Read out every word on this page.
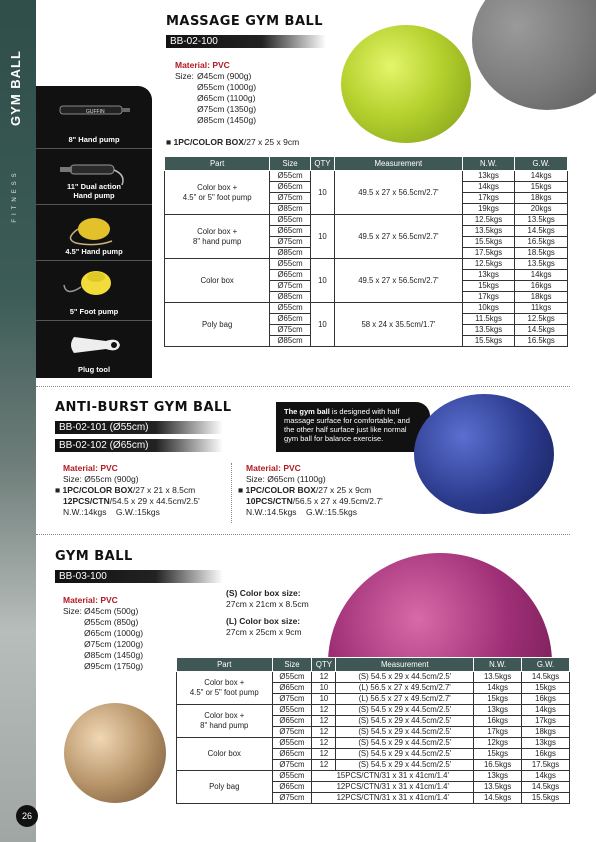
GYM BALL
FITNESS
GUFFIN
8" Hand pump
11" Dual action
Hand pump
4.5" Hand pump
5" Foot pump
Plug tool
MASSAGE GYM BALL
BB-02-100
Material: PVC
Size: Ø45cm (900g)
Ø55cm (1000g)
Ø65cm (1100g)
Ø75cm (1350g)
Ø85cm (1450g)
■ 1PC/COLOR BOX/27 x 25 x 9cm
Part	Size	QTY	Measurement	N.W.	G.W.
Color box +
4.5" or 5" foot pump	Ø55cm	10	49.5 x 27 x 56.5cm/2.7'	13kgs	14kgs
	Ø65cm			14kgs	15kgs
	Ø75cm			17kgs	18kgs
	Ø85cm			19kgs	20kgs
Color box +
8" hand pump	Ø55cm	10	49.5 x 27 x 56.5cm/2.7'	12.5kgs	13.5kgs
	Ø65cm			13.5kgs	14.5kgs
	Ø75cm			15.5kgs	16.5kgs
	Ø85cm			17.5kgs	18.5kgs
Color box	Ø55cm	10	49.5 x 27 x 56.5cm/2.7'	12.5kgs	13.5kgs
	Ø65cm			13kgs	14kgs
	Ø75cm			15kgs	16kgs
	Ø85cm			17kgs	18kgs
Poly bag	Ø55cm	10	58 x 24 x 35.5cm/1.7'	10kgs	11kgs
	Ø65cm			11.5kgs	12.5kgs
	Ø75cm			13.5kgs	14.5kgs
	Ø85cm			15.5kgs	16.5kgs
ANTI-BURST GYM BALL
BB-02-101 (Ø55cm)
BB-02-102 (Ø65cm)
The gym ball is designed with half massage surface for comfortable, and the other half surface just like normal gym ball for balance exercise.
Material: PVC
Size: Ø55cm (900g)
■ 1PC/COLOR BOX/27 x 21 x 8.5cm
12PCS/CTN/54.5 x 29 x 44.5cm/2.5'
N.W.:14kgs    G.W.:15kgs
Material: PVC
Size: Ø65cm (1100g)
■ 1PC/COLOR BOX/27 x 25 x 9cm
10PCS/CTN/56.5 x 27 x 49.5cm/2.7'
N.W.:14.5kgs    G.W.:15.5kgs
GYM BALL
BB-03-100
Material: PVC
Size: Ø45cm (500g)
Ø55cm (850g)
Ø65cm (1000g)
Ø75cm (1200g)
Ø85cm (1450g)
Ø95cm (1750g)
(S) Color box size:
27cm x 21cm x 8.5cm
(L) Color box size:
27cm x 25cm x 9cm
Part	Size	QTY	Measurement	N.W.	G.W.
Color box +
4.5" or 5" foot pump	Ø55cm	12	(S) 54.5 x 29 x 44.5cm/2.5'	13.5kgs	14.5kgs
	Ø65cm	10	(L) 56.5 x 27 x 49.5cm/2.7'	14kgs	15kgs
	Ø75cm	10	(L) 56.5 x 27 x 49.5cm/2.7'	15kgs	16kgs
Color box +
8" hand pump	Ø55cm	12	(S) 54.5 x 29 x 44.5cm/2.5'	13kgs	14kgs
	Ø65cm	12	(S) 54.5 x 29 x 44.5cm/2.5'	16kgs	17kgs
	Ø75cm	12	(S) 54.5 x 29 x 44.5cm/2.5'	17kgs	18kgs
Color box	Ø55cm	12	(S) 54.5 x 29 x 44.5cm/2.5'	12kgs	13kgs
	Ø65cm	12	(S) 54.5 x 29 x 44.5cm/2.5'	15kgs	16kgs
	Ø75cm	12	(S) 54.5 x 29 x 44.5cm/2.5'	16.5kgs	17.5kgs
Poly bag	Ø55cm	15PCS/CTN/31 x 31 x 41cm/1.4'		13kgs	14kgs
	Ø65cm	12PCS/CTN/31 x 31 x 41cm/1.4'		13.5kgs	14.5kgs
	Ø75cm	12PCS/CTN/31 x 31 x 41cm/1.4'		14.5kgs	15.5kgs
26
